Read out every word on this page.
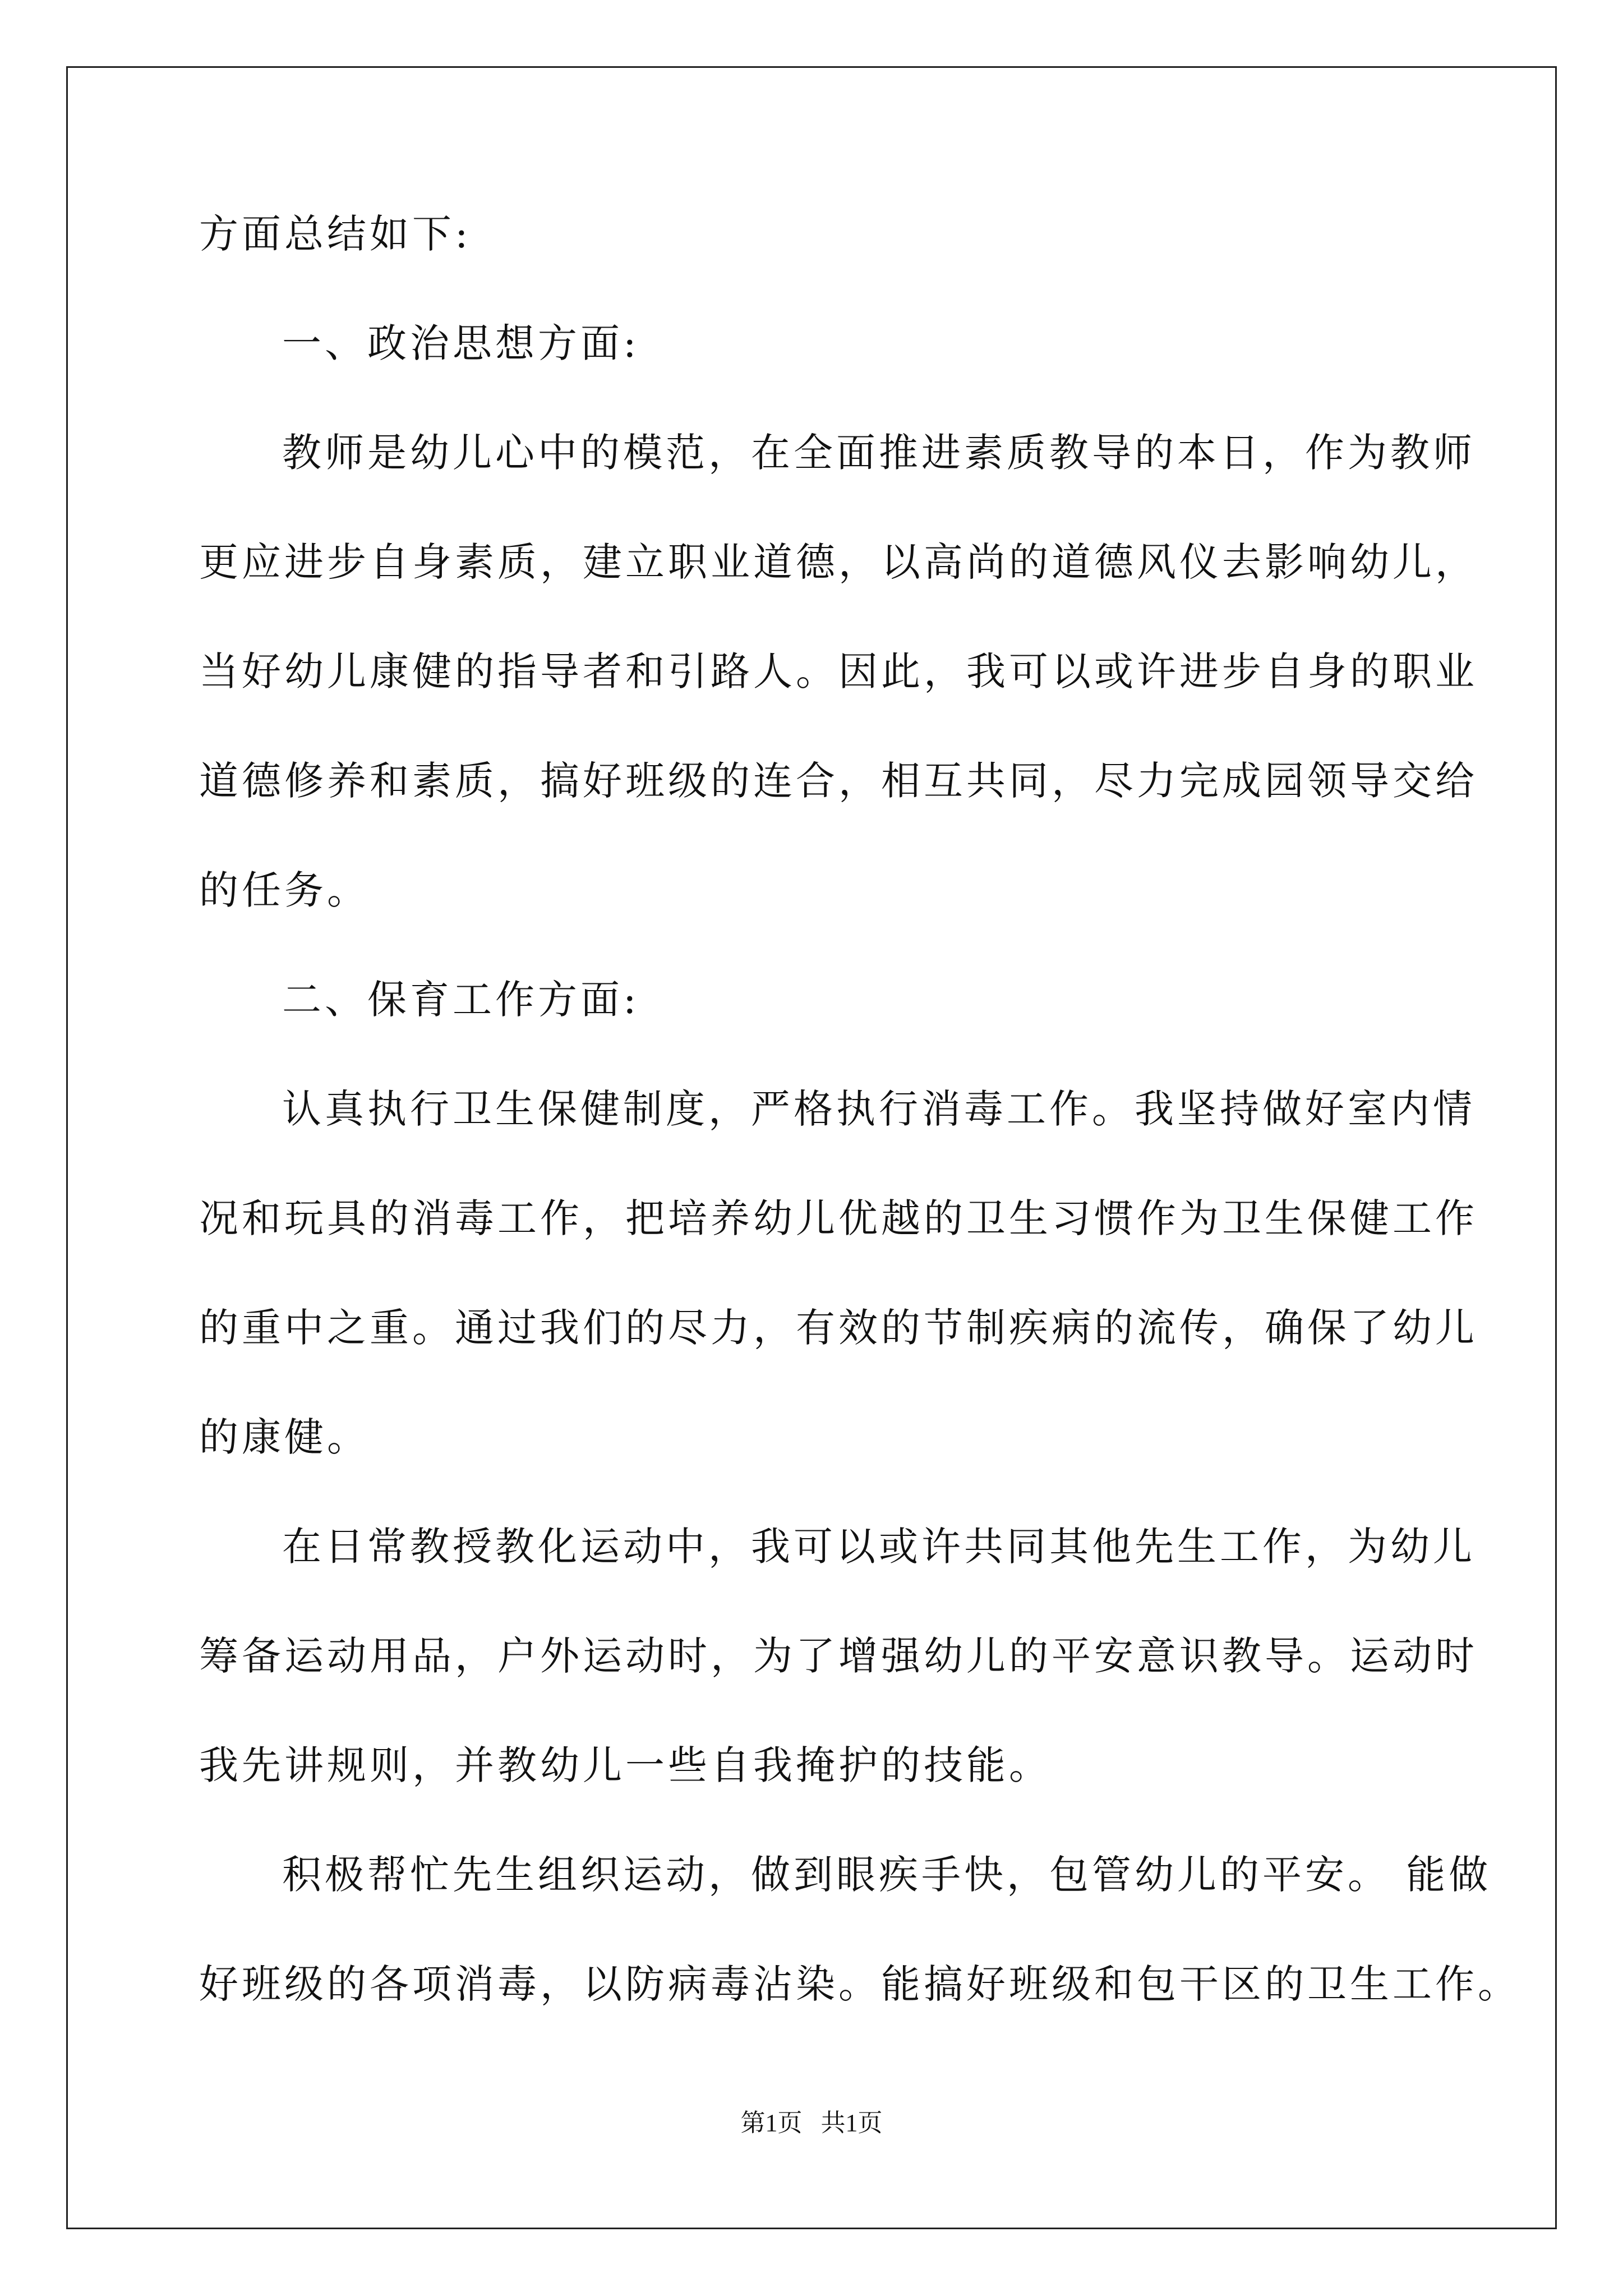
方面总结如下:
一、政治思想方面:
教师是幼儿心中的模范，在全面推进素质教导的本日，作为教师
更应进步自身素质，建立职业道德，以高尚的道德风仪去影响幼儿，
当好幼儿康健的指导者和引路人。因此，我可以或许进步自身的职业
道德修养和素质，搞好班级的连合，相互共同，尽力完成园领导交给
的任务。
二、保育工作方面:
认真执行卫生保健制度，严格执行消毒工作。我坚持做好室内情
况和玩具的消毒工作，把培养幼儿优越的卫生习惯作为卫生保健工作
的重中之重。通过我们的尽力，有效的节制疾病的流传，确保了幼儿
的康健。
在日常教授教化运动中，我可以或许共同其他先生工作，为幼儿
筹备运动用品，户外运动时，为了增强幼儿的平安意识教导。运动时
我先讲规则，并教幼儿一些自我掩护的技能。
积极帮忙先生组织运动，做到眼疾手快，包管幼儿的平安。 能做
好班级的各项消毒，以防病毒沾染。能搞好班级和包干区的卫生工作。
第1页   共1页
